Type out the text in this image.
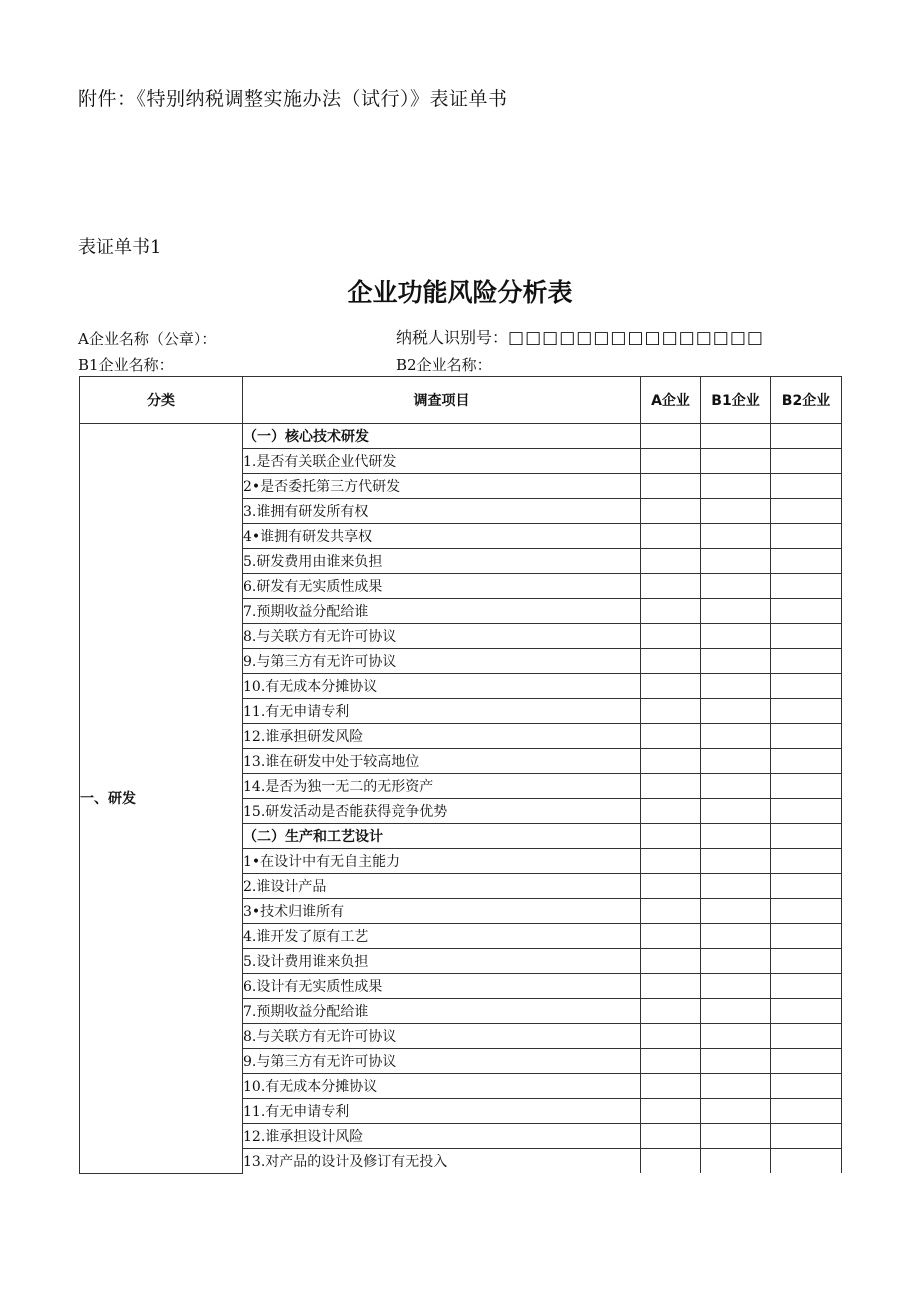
附件：《特别纳税调整实施办法（试行）》表证单书
表证单书1
企业功能风险分析表
A企业名称（公章）：	纳税人识别号：□□□□□□□□□□□□□□□
B1企业名称：	B2企业名称：
分类	调查项目	A企业	B1企业	B2企业
一、研发	（一）核心技术研发			
	1.是否有关联企业代研发			
	2•是否委托第三方代研发			
	3.谁拥有研发所有权			
	4•谁拥有研发共享权			
	5.研发费用由谁来负担			
	6.研发有无实质性成果			
	7.预期收益分配给谁			
	8.与关联方有无许可协议			
	9.与第三方有无许可协议			
	10.有无成本分摊协议			
	11.有无申请专利			
	12.谁承担研发风险			
	13.谁在研发中处于较高地位			
	14.是否为独一无二的无形资产			
	15.研发活动是否能获得竞争优势			
	（二）生产和工艺设计			
	1•在设计中有无自主能力			
	2.谁设计产品			
	3•技术归谁所有			
	4.谁开发了原有工艺			
	5.设计费用谁来负担			
	6.设计有无实质性成果			
	7.预期收益分配给谁			
	8.与关联方有无许可协议			
	9.与第三方有无许可协议			
	10.有无成本分摊协议			
	11.有无申请专利			
	12.谁承担设计风险			
	13.对产品的设计及修订有无投入			
